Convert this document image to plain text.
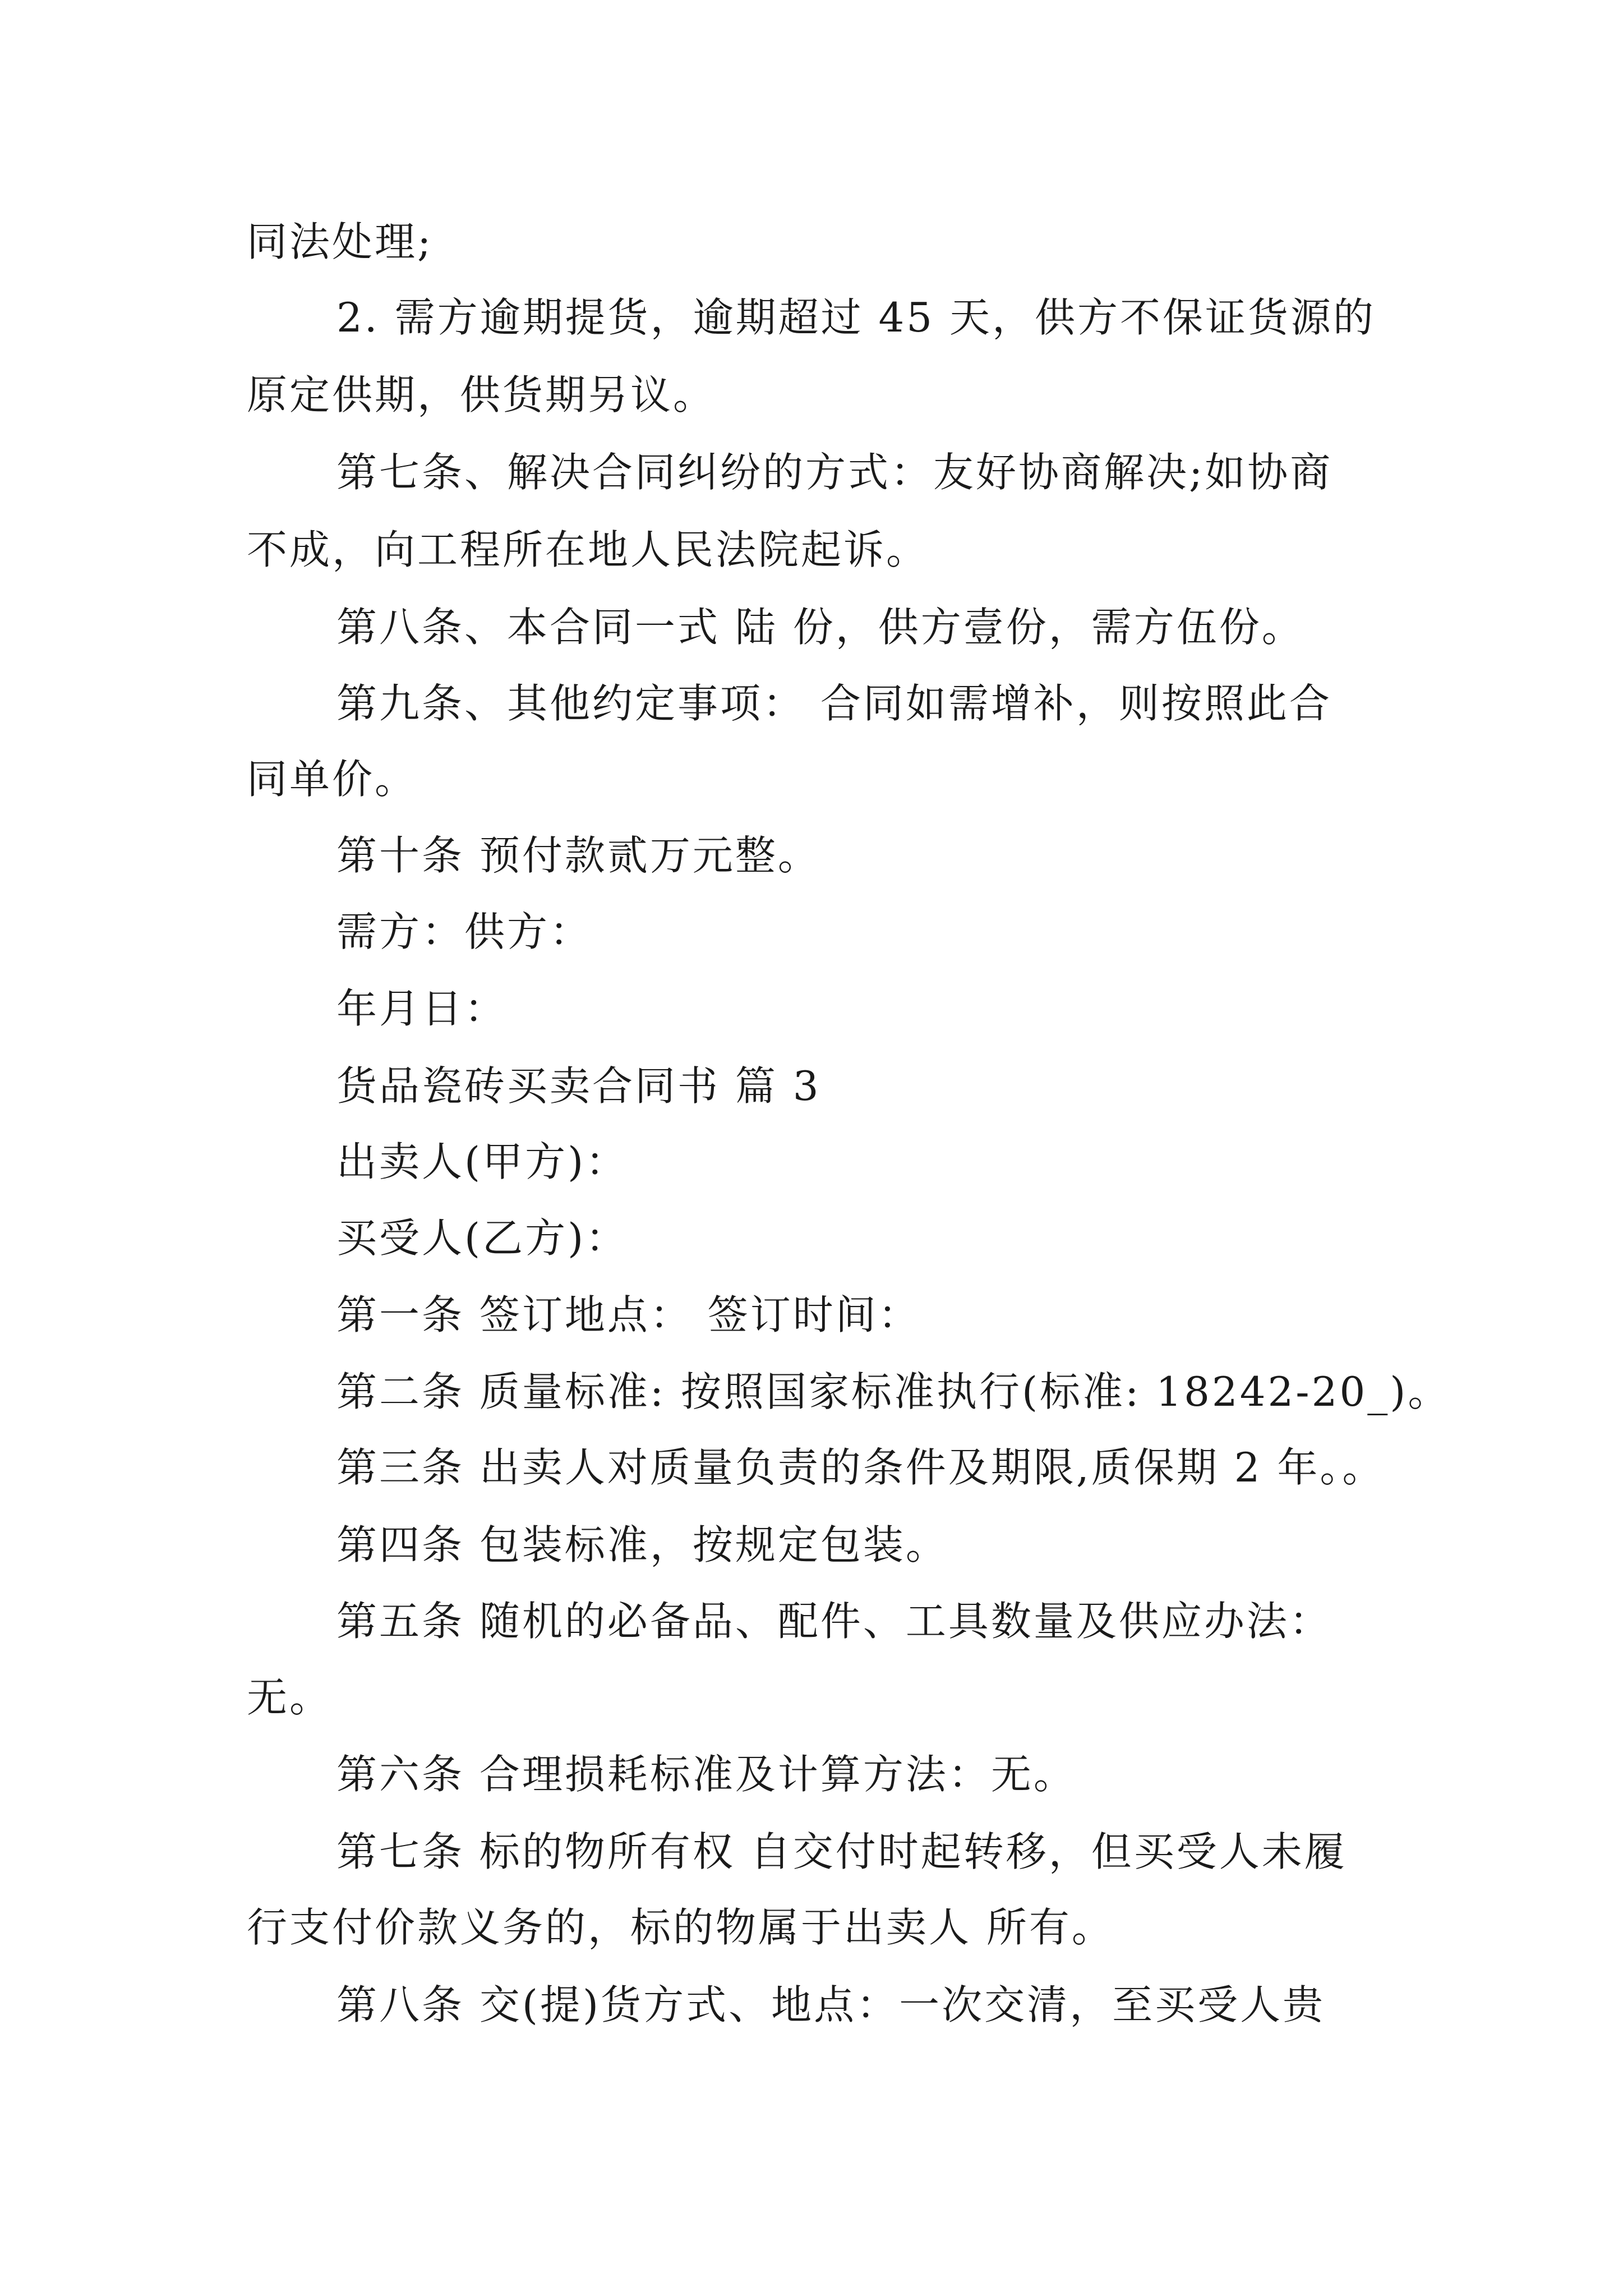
同法处理;

2. 需方逾期提货，逾期超过 45 天，供方不保证货源的

原定供期，供货期另议。

第七条、解决合同纠纷的方式：友好协商解决;如协商

不成，向工程所在地人民法院起诉。

第八条、本合同一式 陆 份，供方壹份，需方伍份。

第九条、其他约定事项： 合同如需增补，则按照此合

同单价。

第十条 预付款贰万元整。

需方：供方：

年月日：

货品瓷砖买卖合同书 篇 3

出卖人(甲方)：

买受人(乙方)：

第一条 签订地点： 签订时间：

第二条 质量标准: 按照国家标准执行(标准: 18242-20_)。

第三条 出卖人对质量负责的条件及期限,质保期 2 年。。

第四条 包装标准，按规定包装。

第五条 随机的必备品、配件、工具数量及供应办法：

无。

第六条 合理损耗标准及计算方法：无。

第七条 标的物所有权 自交付时起转移，但买受人未履

行支付价款义务的，标的物属于出卖人 所有。

第八条 交(提)货方式、地点：一次交清，至买受人贵
